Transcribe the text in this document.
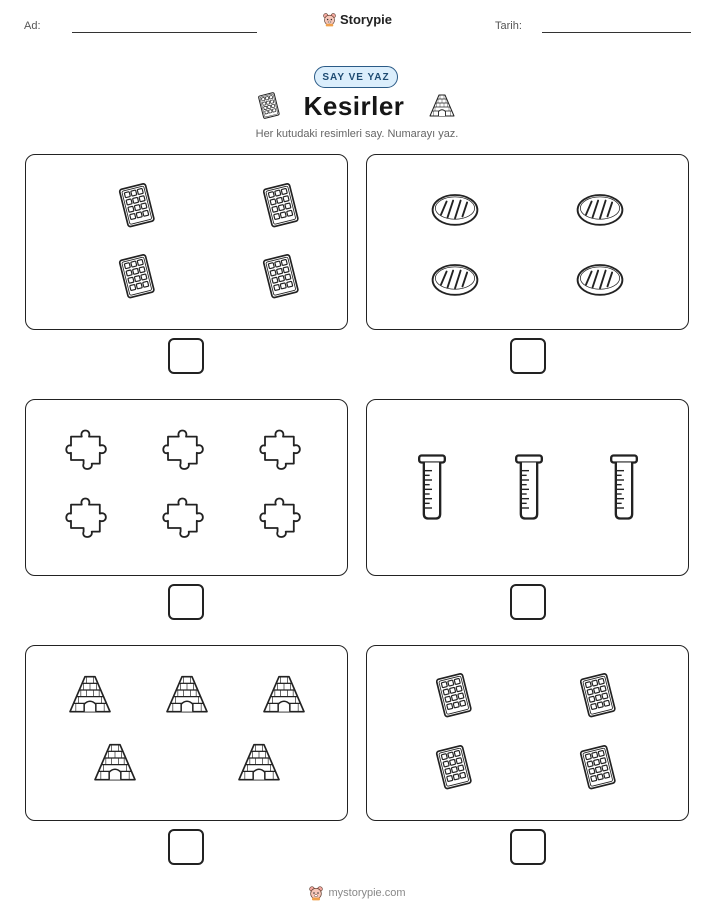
Ad:	Storypie	Tarih:
SAY VE YAZ
Kesirler
Her kutudaki resimleri say. Numarayı yaz.
mystorypie.com
